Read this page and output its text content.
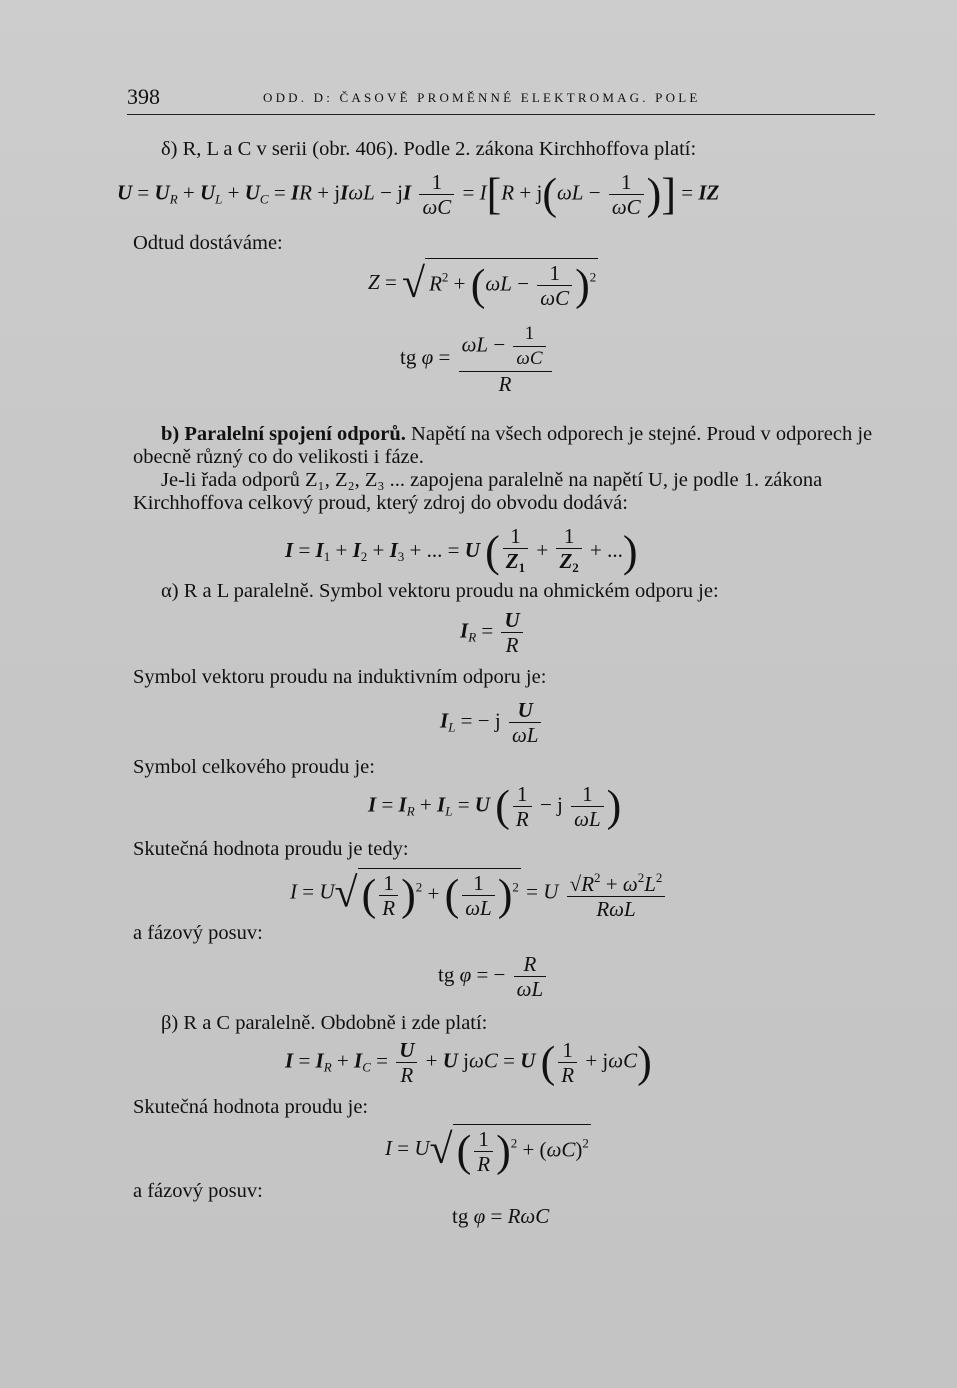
398	ODD. D: ČASOVĚ PROMĚNNÉ ELEKTROMAG. POLE

δ) R, L a C v serii (obr. 406). Podle 2. zákona Kirchhoffova platí:

$U = U_R + U_L + U_C$ = IR + jIωL − jI $\frac{1}{\omega C} = I[R + j(\omega L - \frac{1}{\omega C}$ )] = IZ

Odtud dostáváme:

Z = √ $R^2 + (\omega L - \frac{1}{\omega C} )^2$
tg $\varphi = \frac{\omega L - \frac{1}{\omega C}}{R}$

b) Paralelní spojení odporů. Napětí na všech odporech je stejné. Proud v odporech je obecně různý co do velikosti i fáze.

Je-li řada odporů Z₁, Z₂, Z₃ ... zapojena paralelně na napětí U, je podle 1. zákona Kirchhoffova celkový proud, který zdroj do obvodu dodává:

$I = I_1 + I_2 + I_3$ + ... = U ( $\frac{1}{Z_1} + \frac{1}{Z_2}$ + ...)

α) R a L paralelně. Symbol vektoru proudu na ohmickém odporu je:

$I_R = \frac{U}{R}$

Symbol vektoru proudu na induktivním odporu je:

$I_L$ = − j $\frac{U}{\omega L}$

Symbol celkového proudu je:

$I = I_R + I_L = U$ ( $\frac{1}{R} - j \frac{1}{\omega L}$ )

Skutečná hodnota proudu je tedy:

$I = U√( \frac{1}{R} )^2$ + ( $\frac{1}{\omega L} )^2 = U \frac{√R^2 + \omega^2L^2}{\text{RωL}}$

a fázový posuv:

tg φ = − $\frac{R}{\omega L}$

β) R a C paralelně. Obdobně i zde platí:

$I = I_R + I_C = \frac{U}{R} + U$ jωC = U ( $\frac{1}{R} + j\omega C$)

Skutečná hodnota proudu je:

$I = U√( \frac{1}{R} )^2 + (\omega C)^2$

a fázový posuv:

tg φ = RωC
